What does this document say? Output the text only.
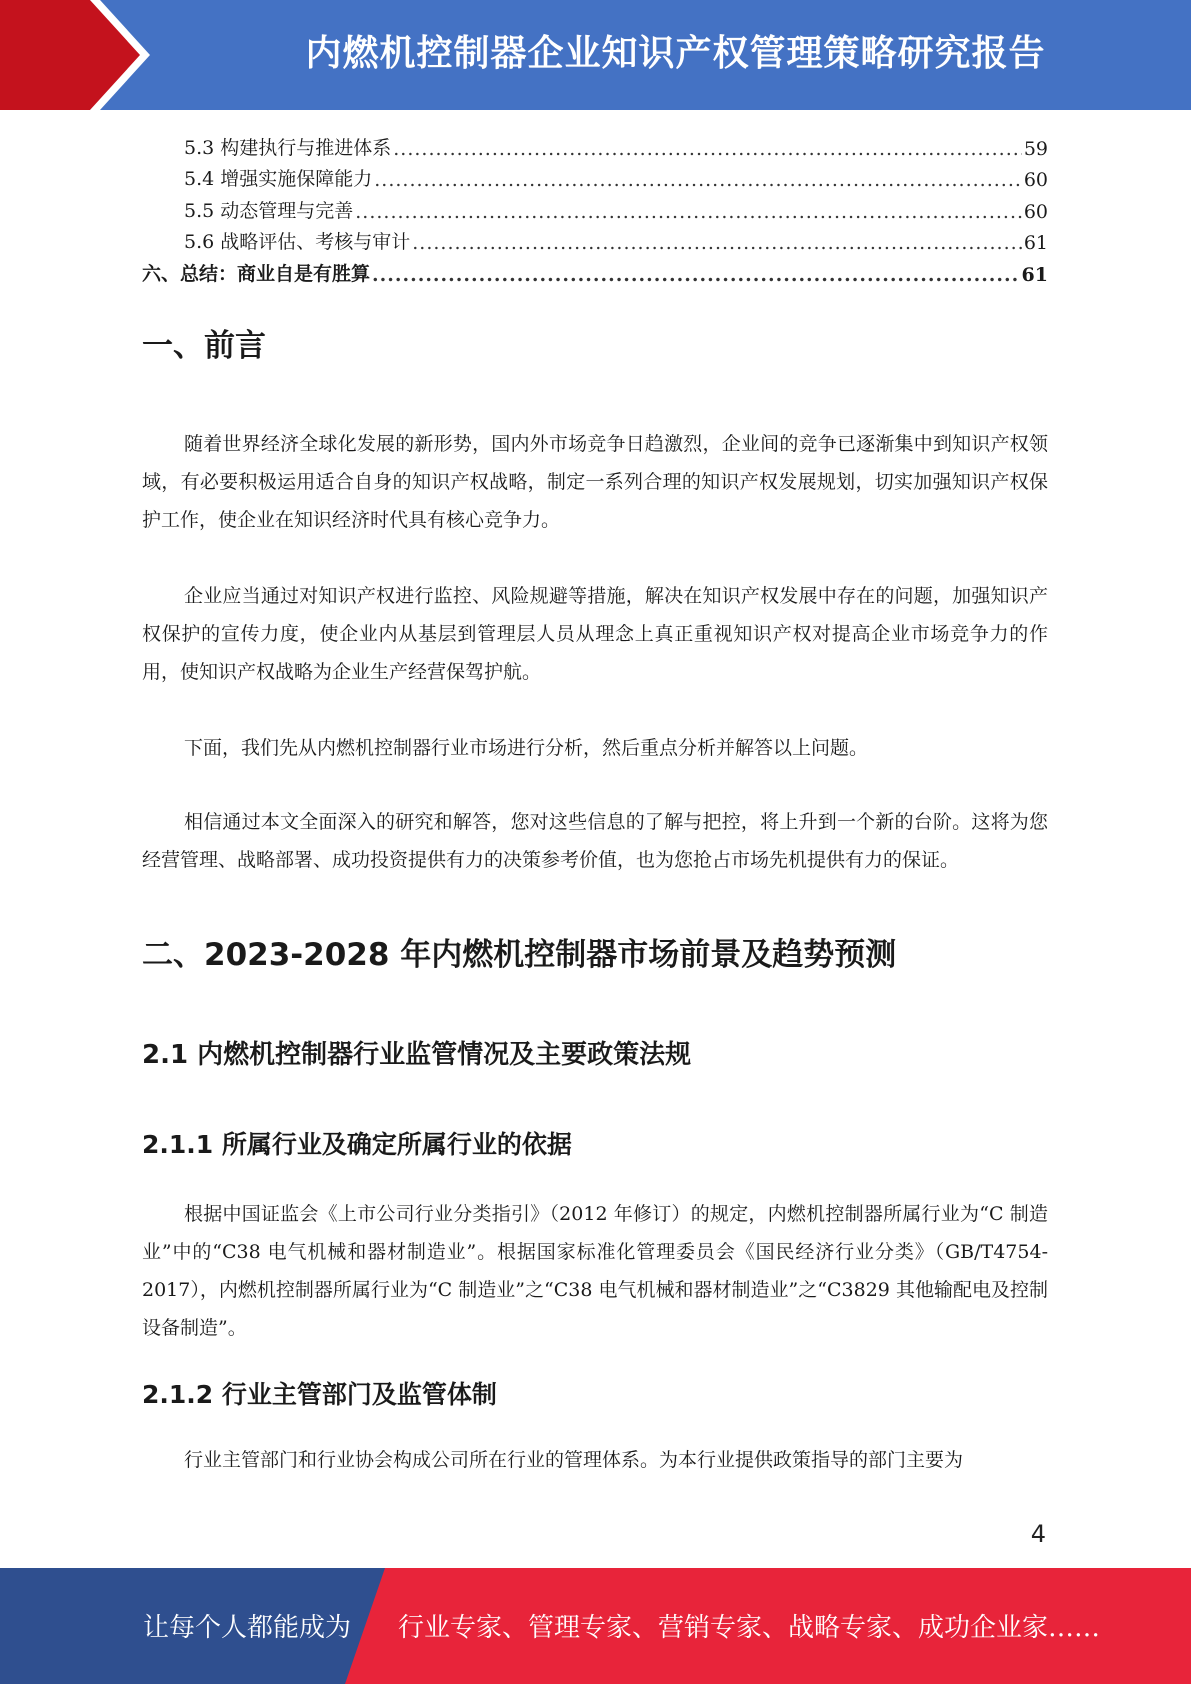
内燃机控制器企业知识产权管理策略研究报告
5.3 构建执行与推进体系 .....	59
5.4 增强实施保障能力 .....	60
5.5 动态管理与完善 .....	60
5.6 战略评估、考核与审计 .....	61
六、总结：商业自是有胜算 .....	61
一、前言

随着世界经济全球化发展的新形势，国内外市场竞争日趋激烈，企业间的竞争已逐渐集中到知识产权领域，有必要积极运用适合自身的知识产权战略，制定一系列合理的知识产权发展规划，切实加强知识产权保护工作，使企业在知识经济时代具有核心竞争力。

企业应当通过对知识产权进行监控、风险规避等措施，解决在知识产权发展中存在的问题，加强知识产权保护的宣传力度，使企业内从基层到管理层人员从理念上真正重视知识产权对提高企业市场竞争力的作用，使知识产权战略为企业生产经营保驾护航。

下面，我们先从内燃机控制器行业市场进行分析，然后重点分析并解答以上问题。

相信通过本文全面深入的研究和解答，您对这些信息的了解与把控，将上升到一个新的台阶。这将为您经营管理、战略部署、成功投资提供有力的决策参考价值，也为您抢占市场先机提供有力的保证。

二、2023-2028 年内燃机控制器市场前景及趋势预测
2.1 内燃机控制器行业监管情况及主要政策法规
2.1.1 所属行业及确定所属行业的依据

根据中国证监会《上市公司行业分类指引》（2012 年修订）的规定，内燃机控制器所属行业为“C 制造业”中的“C38 电气机械和器材制造业”。根据国家标准化管理委员会《国民经济行业分类》（GB/T4754-2017），内燃机控制器所属行业为“C 制造业”之“C38 电气机械和器材制造业”之“C3829 其他输配电及控制设备制造”。

2.1.2 行业主管部门及监管体制

行业主管部门和行业协会构成公司所在行业的管理体系。为本行业提供政策指导的部门主要为

4
让每个人都能成为 行业专家、管理专家、营销专家、战略专家、成功企业家……
